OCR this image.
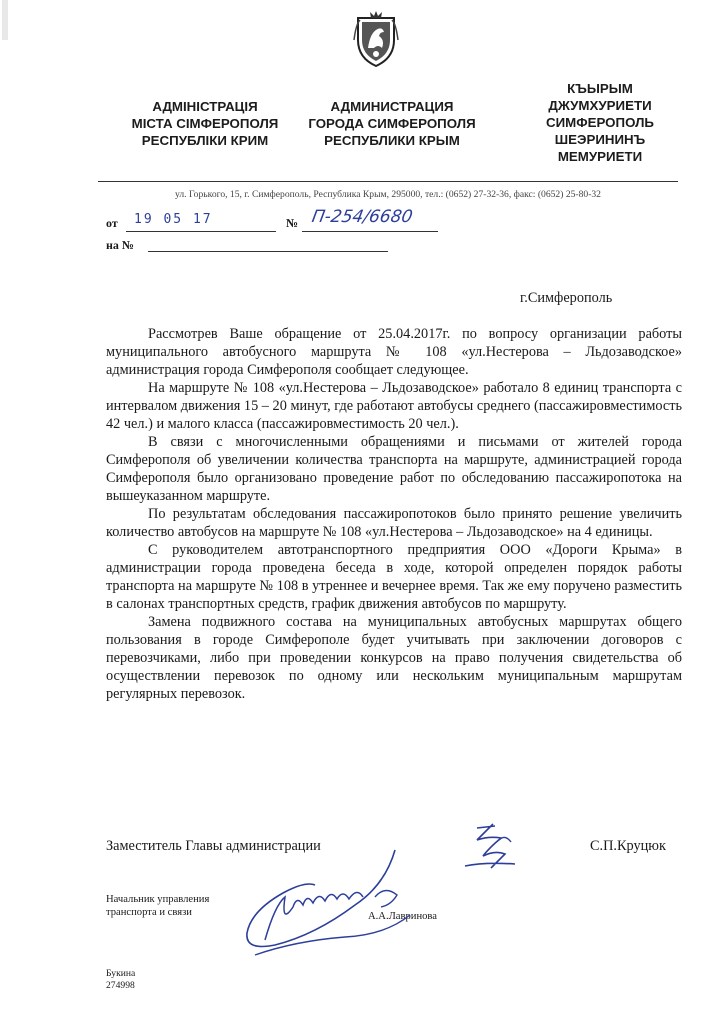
АДМІНІСТРАЦІЯ
МІСТА СІМФЕРОПОЛЯ
РЕСПУБЛІКИ КРИМ
АДМИНИСТРАЦИЯ
ГОРОДА СИМФЕРОПОЛЯ
РЕСПУБЛИКИ КРЫМ
КЪЫРЫМ
ДЖУМХУРИЕТИ
СИМФЕРОПОЛЬ
ШЕЭРИНИНЪ
МЕМУРИЕТИ
ул. Горького, 15, г. Симферополь, Республика Крым, 295000, тел.: (0652) 27-32-36, факс: (0652) 25-80-32
от 19 05 17	№ П-254/6680
на №
г.Симферополь

Рассмотрев Ваше обращение от 25.04.2017г. по вопросу организации работы муниципального автобусного маршрута № 108 «ул.Нестерова – Льдозаводское» администрация города Симферополя сообщает следующее.

На маршруте № 108 «ул.Нестерова – Льдозаводское» работало 8 единиц транспорта с интервалом движения 15 – 20 минут, где работают автобусы среднего (пассажировместимость 42 чел.) и малого класса (пассажировместимость 20 чел.).

В связи с многочисленными обращениями и письмами от жителей города Симферополя об увеличении количества транспорта на маршруте, администрацией города Симферополя было организовано проведение работ по обследованию пассажиропотока на вышеуказанном маршруте.

По результатам обследования пассажиропотоков было принято решение увеличить количество автобусов на маршруте № 108 «ул.Нестерова – Льдозаводское» на 4 единицы.

С руководителем автотранспортного предприятия ООО «Дороги Крыма» в администрации города проведена беседа в ходе, которой определен порядок работы транспорта на маршруте № 108 в утреннее и вечернее время. Так же ему поручено разместить в салонах транспортных средств, график движения автобусов по маршруту.

Замена подвижного состава на муниципальных автобусных маршрутах общего пользования в городе Симферополе будет учитывать при заключении договоров с перевозчиками, либо при проведении конкурсов на право получения свидетельства об осуществлении перевозок по одному или нескольким муниципальным маршрутам регулярных перевозок.

Заместитель Главы администрации	С.П.Круцюк
Начальник управления
транспорта и связи	А.А.Лавринова
Букина
274998
